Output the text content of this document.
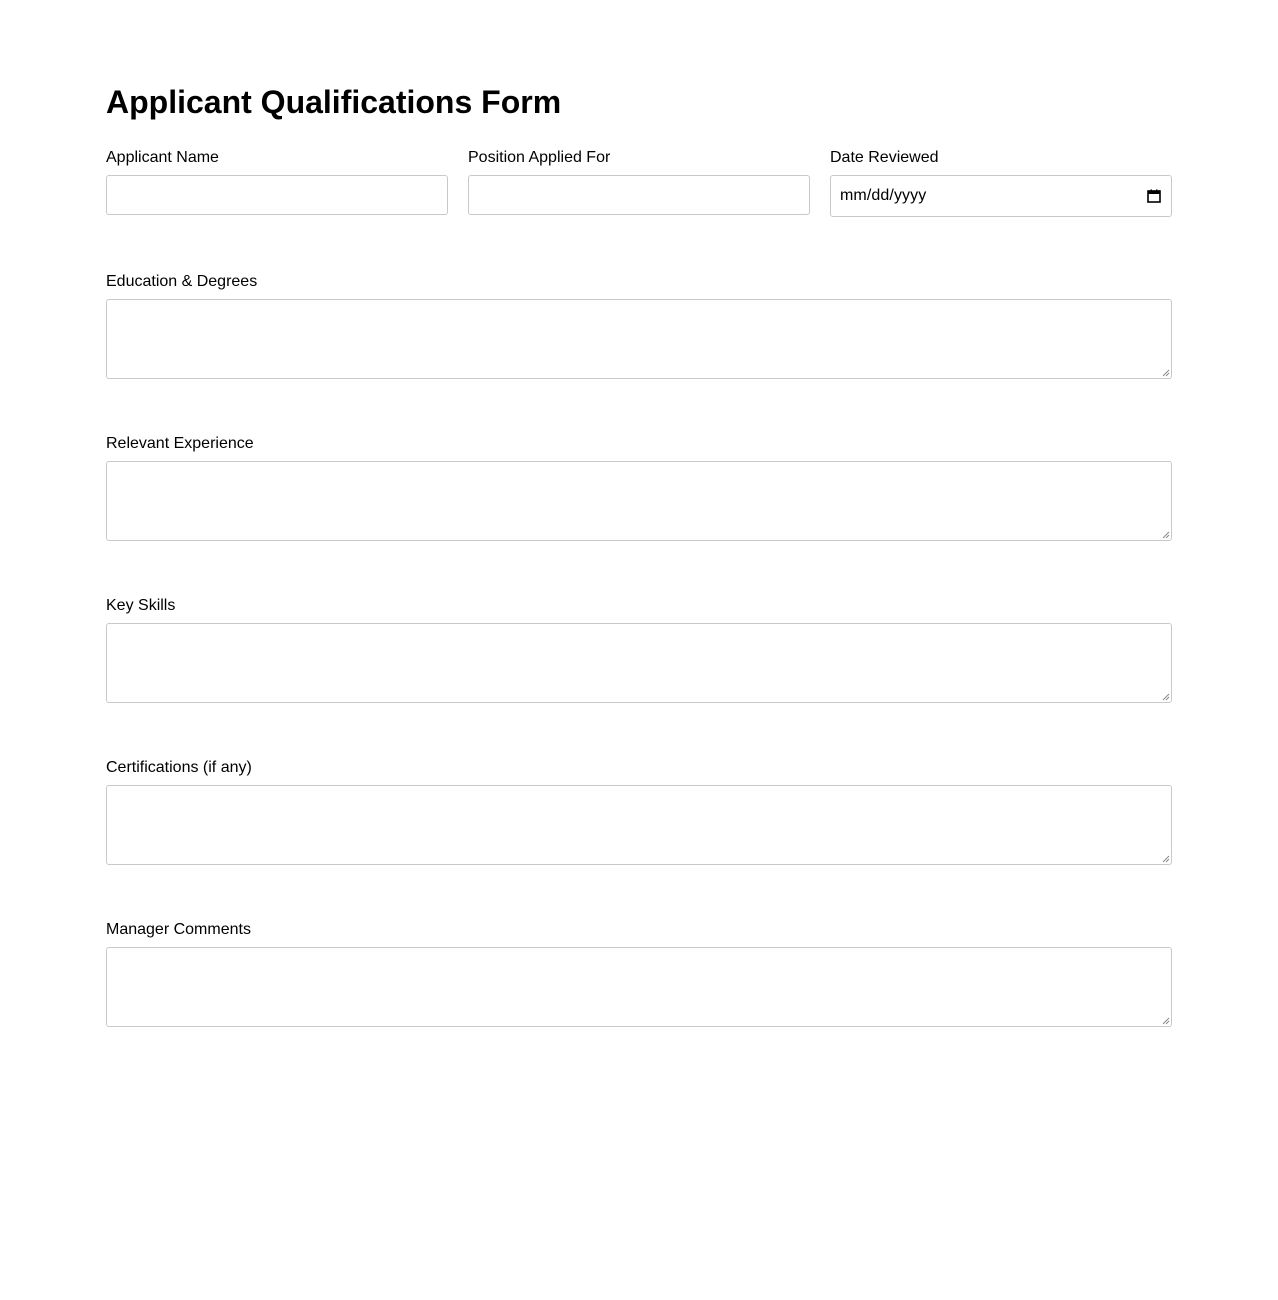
Applicant Qualifications Form
Applicant Name	Position Applied For	Date Reviewed
mm/dd/yyyy
Education & Degrees
Relevant Experience
Key Skills
Certifications (if any)
Manager Comments
